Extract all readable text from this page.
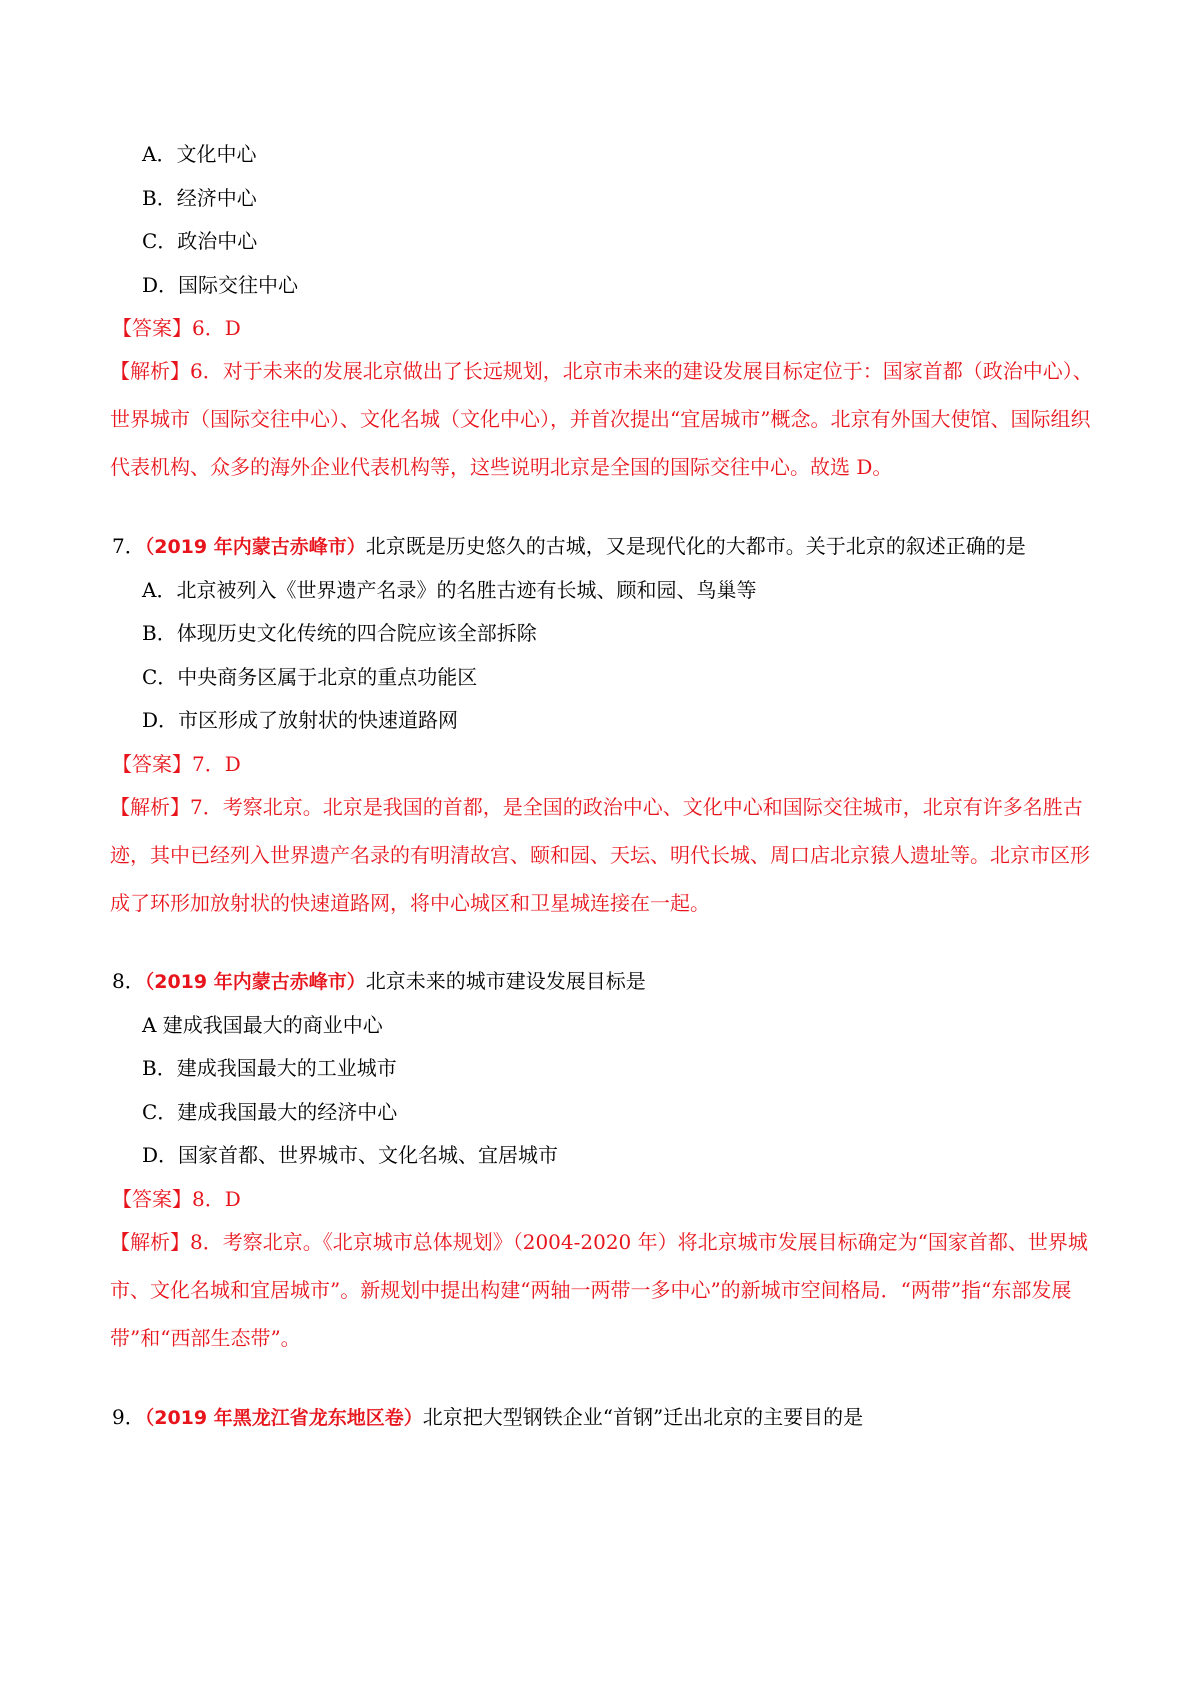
A．文化中心
B．经济中心
C．政治中心
D．国际交往中心
【答案】6．D
【解析】6．对于未来的发展北京做出了长远规划，北京市未来的建设发展目标定位于：国家首都（政治中心）、世界城市（国际交往中心）、文化名城（文化中心），并首次提出“宜居城市”概念。北京有外国大使馆、国际组织代表机构、众多的海外企业代表机构等，这些说明北京是全国的国际交往中心。故选 D。
7．（2019 年内蒙古赤峰市）北京既是历史悠久的古城，又是现代化的大都市。关于北京的叙述正确的是
A．北京被列入《世界遗产名录》的名胜古迹有长城、顾和园、鸟巢等
B．体现历史文化传统的四合院应该全部拆除
C．中央商务区属于北京的重点功能区
D．市区形成了放射状的快速道路网
【答案】7．D
【解析】7．考察北京。北京是我国的首都，是全国的政治中心、文化中心和国际交往城市，北京有许多名胜古迹，其中已经列入世界遗产名录的有明清故宫、颐和园、天坛、明代长城、周口店北京猿人遗址等。北京市区形成了环形加放射状的快速道路网，将中心城区和卫星城连接在一起。
8．（2019 年内蒙古赤峰市）北京未来的城市建设发展目标是
A 建成我国最大的商业中心
B．建成我国最大的工业城市
C．建成我国最大的经济中心
D．国家首都、世界城市、文化名城、宜居城市
【答案】8．D
【解析】8．考察北京。《北京城市总体规划》（2004-2020 年）将北京城市发展目标确定为“国家首都、世界城市、文化名城和宜居城市”。新规划中提出构建“两轴一两带一多中心”的新城市空间格局．“两带”指“东部发展带”和“西部生态带”。
9．（2019 年黑龙江省龙东地区卷）北京把大型钢铁企业“首钢”迁出北京的主要目的是
